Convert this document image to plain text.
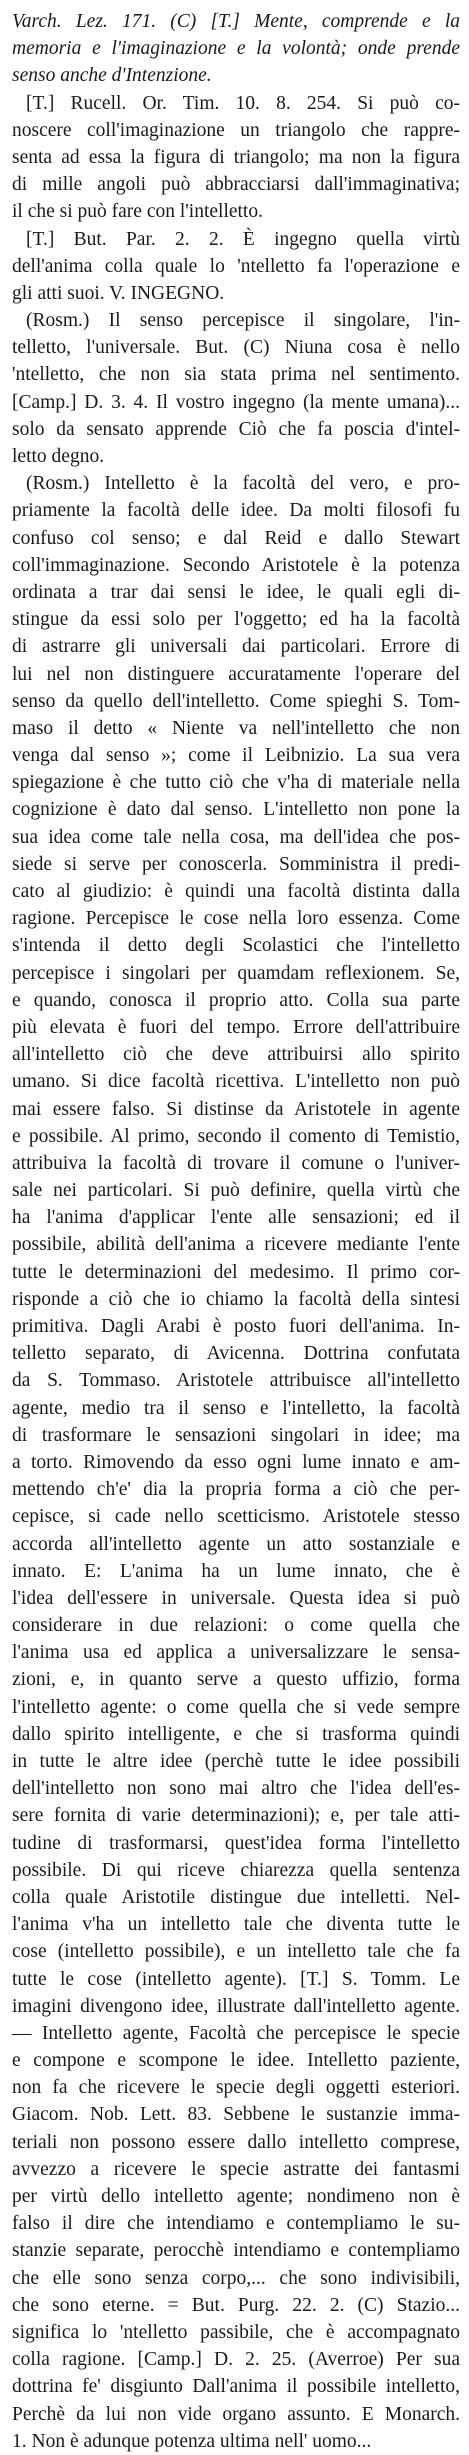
Varch. Lez. 171. (C) [T.] Mente, comprende e la
memoria e l'imaginazione e la volontà; onde prende
senso anche d'Intenzione.
[T.] Rucell. Or. Tim. 10. 8. 254. Si può co-
noscere coll'imaginazione un triangolo che rappre-
senta ad essa la figura di triangolo; ma non la figura
di mille angoli può abbracciarsi dall'immaginativa;
il che si può fare con l'intelletto.
[T.] But. Par. 2. 2. È ingegno quella virtù
dell'anima colla quale lo 'ntelletto fa l'operazione e
gli atti suoi. V. INGEGNO.
(Rosm.) Il senso percepisce il singolare, l'in-
telletto, l'universale. But. (C) Niuna cosa è nello
'ntelletto, che non sia stata prima nel sentimento.
[Camp.] D. 3. 4. Il vostro ingegno (la mente umana)...
solo da sensato apprende Ciò che fa poscia d'intel-
letto degno.
(Rosm.) Intelletto è la facoltà del vero, e pro-
priamente la facoltà delle idee. Da molti filosofi fu
confuso col senso; e dal Reid e dallo Stewart
coll'immaginazione. Secondo Aristotele è la potenza
ordinata a trar dai sensi le idee, le quali egli di-
stingue da essi solo per l'oggetto; ed ha la facoltà
di astrarre gli universali dai particolari. Errore di
lui nel non distinguere accuratamente l'operare del
senso da quello dell'intelletto. Come spieghi S. Tom-
maso il detto « Niente va nell'intelletto che non
venga dal senso »; come il Leibnizio. La sua vera
spiegazione è che tutto ciò che v'ha di materiale nella
cognizione è dato dal senso. L'intelletto non pone la
sua idea come tale nella cosa, ma dell'idea che pos-
siede si serve per conoscerla. Somministra il predi-
cato al giudizio: è quindi una facoltà distinta dalla
ragione. Percepisce le cose nella loro essenza. Come
s'intenda il detto degli Scolastici che l'intelletto
percepisce i singolari per quamdam reflexionem. Se,
e quando, conosca il proprio atto. Colla sua parte
più elevata è fuori del tempo. Errore dell'attribuire
all'intelletto ciò che deve attribuirsi allo spirito
umano. Si dice facoltà ricettiva. L'intelletto non può
mai essere falso. Si distinse da Aristotele in agente
e possibile. Al primo, secondo il comento di Temistio,
attribuiva la facoltà di trovare il comune o l'univer-
sale nei particolari. Si può definire, quella virtù che
ha l'anima d'applicar l'ente alle sensazioni; ed il
possibile, abilità dell'anima a ricevere mediante l'ente
tutte le determinazioni del medesimo. Il primo cor-
risponde a ciò che io chiamo la facoltà della sintesi
primitiva. Dagli Arabi è posto fuori dell'anima. In-
telletto separato, di Avicenna. Dottrina confutata
da S. Tommaso. Aristotele attribuisce all'intelletto
agente, medio tra il senso e l'intelletto, la facoltà
di trasformare le sensazioni singolari in idee; ma
a torto. Rimovendo da esso ogni lume innato e am-
mettendo ch'e' dia la propria forma a ciò che per-
cepisce, si cade nello scetticismo. Aristotele stesso
accorda all'intelletto agente un atto sostanziale e
innato. E: L'anima ha un lume innato, che è
l'idea dell'essere in universale. Questa idea si può
considerare in due relazioni: o come quella che
l'anima usa ed applica a universalizzare le sensa-
zioni, e, in quanto serve a questo uffizio, forma
l'intelletto agente: o come quella che si vede sempre
dallo spirito intelligente, e che si trasforma quindi
in tutte le altre idee (perchè tutte le idee possibili
dell'intelletto non sono mai altro che l'idea dell'es-
sere fornita di varie determinazioni); e, per tale atti-
tudine di trasformarsi, quest'idea forma l'intelletto
possibile. Di qui riceve chiarezza quella sentenza
colla quale Aristotile distingue due intelletti. Nel-
l'anima v'ha un intelletto tale che diventa tutte le
cose (intelletto possibile), e un intelletto tale che fa
tutte le cose (intelletto agente). [T.] S. Tomm. Le
imagini divengono idee, illustrate dall'intelletto agente.
— Intelletto agente, Facoltà che percepisce le specie
e compone e scompone le idee. Intelletto paziente,
non fa che ricevere le specie degli oggetti esteriori.
Giacom. Nob. Lett. 83. Sebbene le sustanzie imma-
teriali non possono essere dallo intelletto comprese,
avvezzo a ricevere le specie astratte dei fantasmi
per virtù dello intelletto agente; nondimeno non è
falso il dire che intendiamo e contempliamo le su-
stanzie separate, perocchè intendiamo e contempliamo
che elle sono senza corpo,... che sono indivisibili,
che sono eterne. = But. Purg. 22. 2. (C) Stazio...
significa lo 'ntelletto passibile, che è accompagnato
colla ragione. [Camp.] D. 2. 25. (Averroe) Per sua
dottrina fe' disgiunto Dall'anima il possibile intelletto,
Perchè da lui non vide organo assunto. E Monarch.
1. Non è adunque potenza ultima nell' uomo...
